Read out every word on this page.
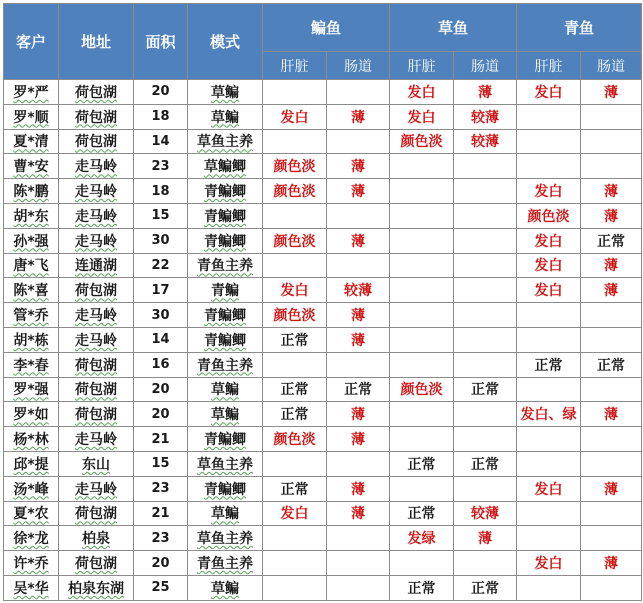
客户	地址	面积	模式	鳊鱼		草鱼		青鱼	
				肝脏	肠道	肝脏	肠道	肝脏	肠道
罗*严	荷包湖	20	草鳊			发白	薄	发白	薄
罗*顺	荷包湖	18	草鳊	发白	薄	发白	较薄		
夏*清	荷包湖	14	草鱼主养			颜色淡	较薄		
曹*安	走马岭	23	草鳊鲫	颜色淡	薄				
陈*鹏	走马岭	18	青鳊鲫	颜色淡	薄			发白	薄
胡*东	走马岭	15	青鳊鲫					颜色淡	薄
孙*强	走马岭	30	青鳊鲫	颜色淡	薄			发白	正常
唐*飞	连通湖	22	青鱼主养					发白	薄
陈*喜	荷包湖	17	青鳊	发白	较薄			发白	薄
管*乔	走马岭	30	青鳊鲫	颜色淡	薄				
胡*栋	走马岭	14	青鳊鲫	正常	薄				
李*春	荷包湖	16	青鱼主养					正常	正常
罗*强	荷包湖	20	草鳊	正常	正常	颜色淡	正常		
罗*如	荷包湖	20	草鳊	正常	薄			发白、绿	薄
杨*林	走马岭	21	青鳊鲫	颜色淡	薄				
邱*提	东山	15	草鱼主养			正常	正常		
汤*峰	走马岭	23	青鳊鲫	正常	薄			发白	薄
夏*农	荷包湖	21	草鳊	发白	薄	正常	较薄		
徐*龙	柏泉	23	草鱼主养			发绿	薄		
许*乔	荷包湖	20	青鱼主养					发白	薄
吴*华	柏泉东湖	25	草鳊			正常	正常		
